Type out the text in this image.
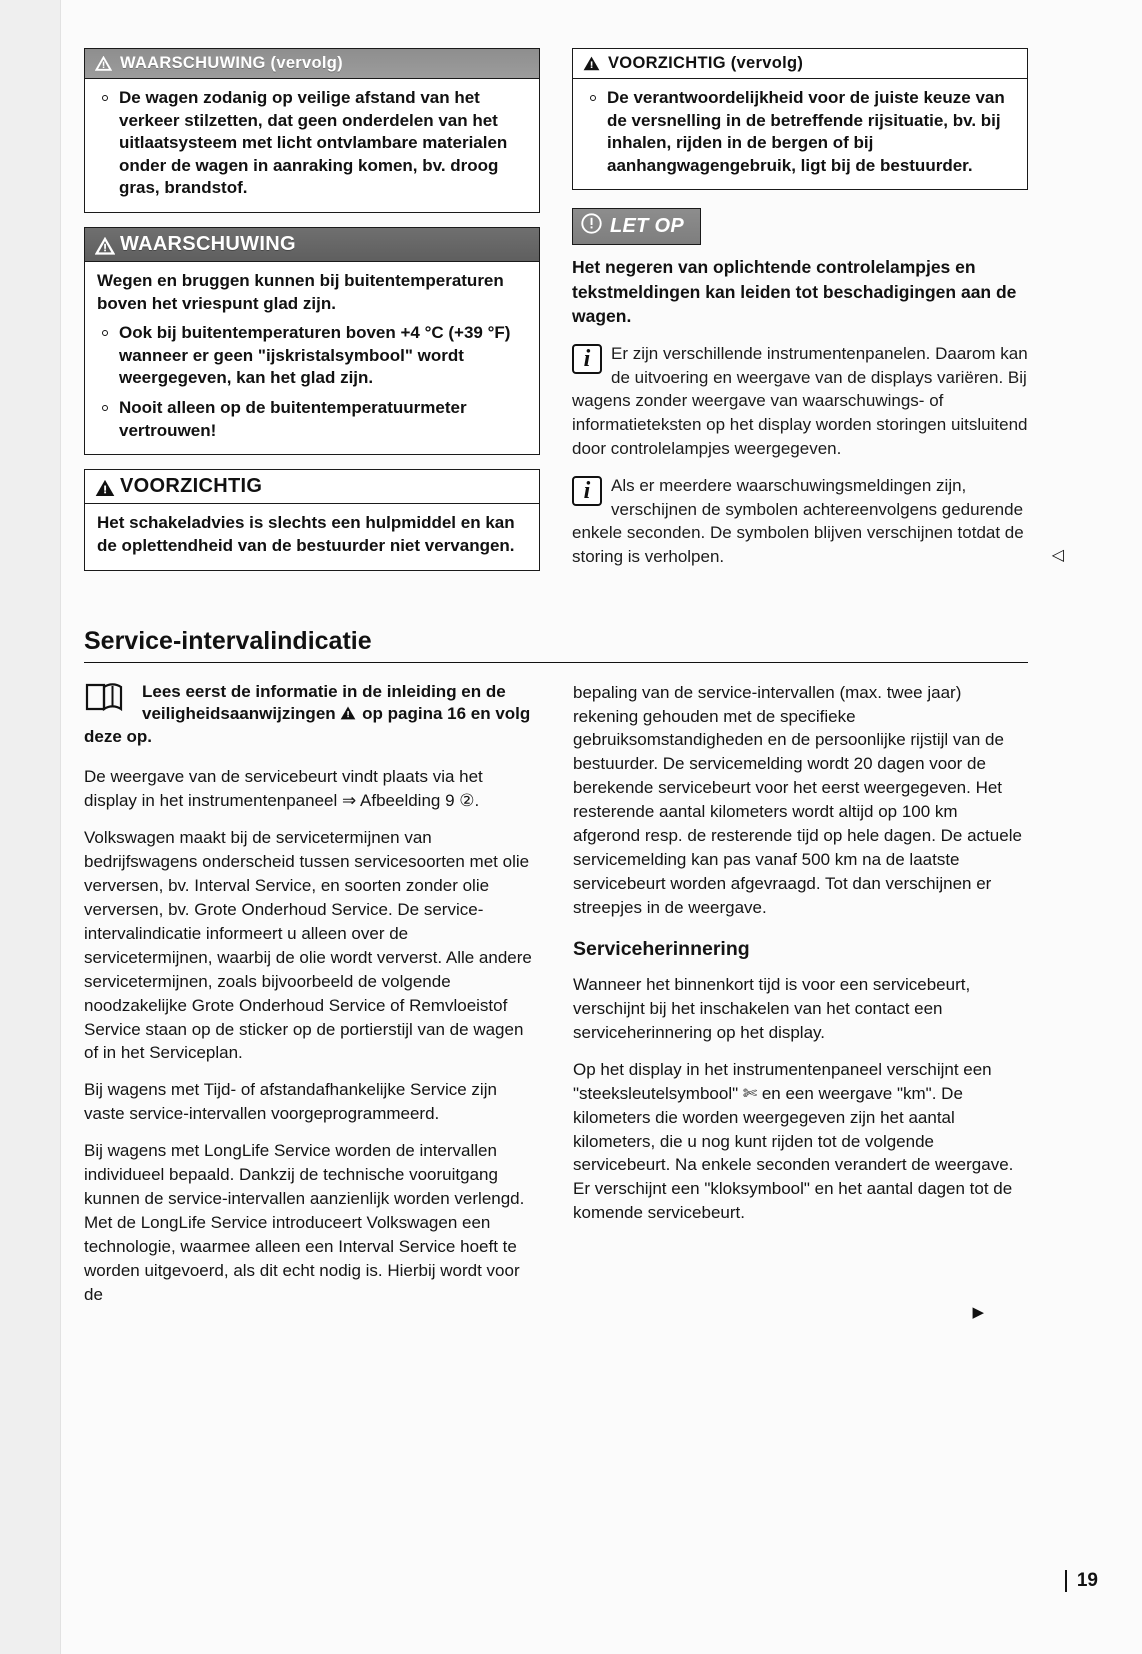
WAARSCHUWING (vervolg)

De wagen zodanig op veilige afstand van het verkeer stilzetten, dat geen onderdelen van het uitlaatsysteem met licht ontvlambare materialen onder de wagen in aanraking komen, bv. droog gras, brandstof.

WAARSCHUWING

Wegen en bruggen kunnen bij buitentemperaturen boven het vriespunt glad zijn.

Ook bij buitentemperaturen boven +4 °C (+39 °F) wanneer er geen "ijskristalsymbool" wordt weergegeven, kan het glad zijn.

Nooit alleen op de buitentemperatuurmeter vertrouwen!

VOORZICHTIG

Het schakeladvies is slechts een hulpmiddel en kan de oplettendheid van de bestuurder niet vervangen.

VOORZICHTIG (vervolg)

De verantwoordelijkheid voor de juiste keuze van de versnelling in de betreffende rijsituatie, bv. bij inhalen, rijden in de bergen of bij aanhangwagengebruik, ligt bij de bestuurder.

LET OP
Het negeren van oplichtende controlelampjes en tekstmeldingen kan leiden tot beschadigingen aan de wagen.
i
Er zijn verschillende instrumentenpanelen. Daarom kan de uitvoering en weergave van de displays variëren. Bij wagens zonder weergave van waarschuwings- of informatieteksten op het display worden storingen uitsluitend door controlelampjes weergegeven.
i
Als er meerdere waarschuwingsmeldingen zijn, verschijnen de symbolen achtereenvolgens gedurende enkele seconden. De symbolen blijven verschijnen totdat de storing is verholpen.	◁
Service-intervalindicatie
Lees eerst de informatie in de inleiding en de veiligheidsaanwijzingen op pagina 16 en volg deze op.

De weergave van de servicebeurt vindt plaats via het display in het instrumentenpaneel ⇒ Afbeelding 9 ②.

Volkswagen maakt bij de servicetermijnen van bedrijfswagens onderscheid tussen servicesoorten met olie verversen, bv. Interval Service, en soorten zonder olie verversen, bv. Grote Onderhoud Service. De service-intervalindicatie informeert u alleen over de servicetermijnen, waarbij de olie wordt ververst. Alle andere servicetermijnen, zoals bijvoorbeeld de volgende noodzakelijke Grote Onderhoud Service of Remvloeistof Service staan op de sticker op de portierstijl van de wagen of in het Serviceplan.

Bij wagens met Tijd- of afstandafhankelijke Service zijn vaste service-intervallen voorgeprogrammeerd.

Bij wagens met LongLife Service worden de intervallen individueel bepaald. Dankzij de technische vooruitgang kunnen de service-intervallen aanzienlijk worden verlengd. Met de LongLife Service introduceert Volkswagen een technologie, waarmee alleen een Interval Service hoeft te worden uitgevoerd, als dit echt nodig is. Hierbij wordt voor de

bepaling van de service-intervallen (max. twee jaar) rekening gehouden met de specifieke gebruiksomstandigheden en de persoonlijke rijstijl van de bestuurder. De servicemelding wordt 20 dagen voor de berekende servicebeurt voor het eerst weergegeven. Het resterende aantal kilometers wordt altijd op 100 km afgerond resp. de resterende tijd op hele dagen. De actuele servicemelding kan pas vanaf 500 km na de laatste servicebeurt worden afgevraagd. Tot dan verschijnen er streepjes in de weergave.

Serviceherinnering

Wanneer het binnenkort tijd is voor een servicebeurt, verschijnt bij het inschakelen van het contact een serviceherinnering op het display.

Op het display in het instrumentenpaneel verschijnt een "steeksleutelsymbool" ✄ en een weergave "km". De kilometers die worden weergegeven zijn het aantal kilometers, die u nog kunt rijden tot de volgende servicebeurt. Na enkele seconden verandert de weergave. Er verschijnt een "kloksymbool" en het aantal dagen tot de komende servicebeurt.

▶
19
